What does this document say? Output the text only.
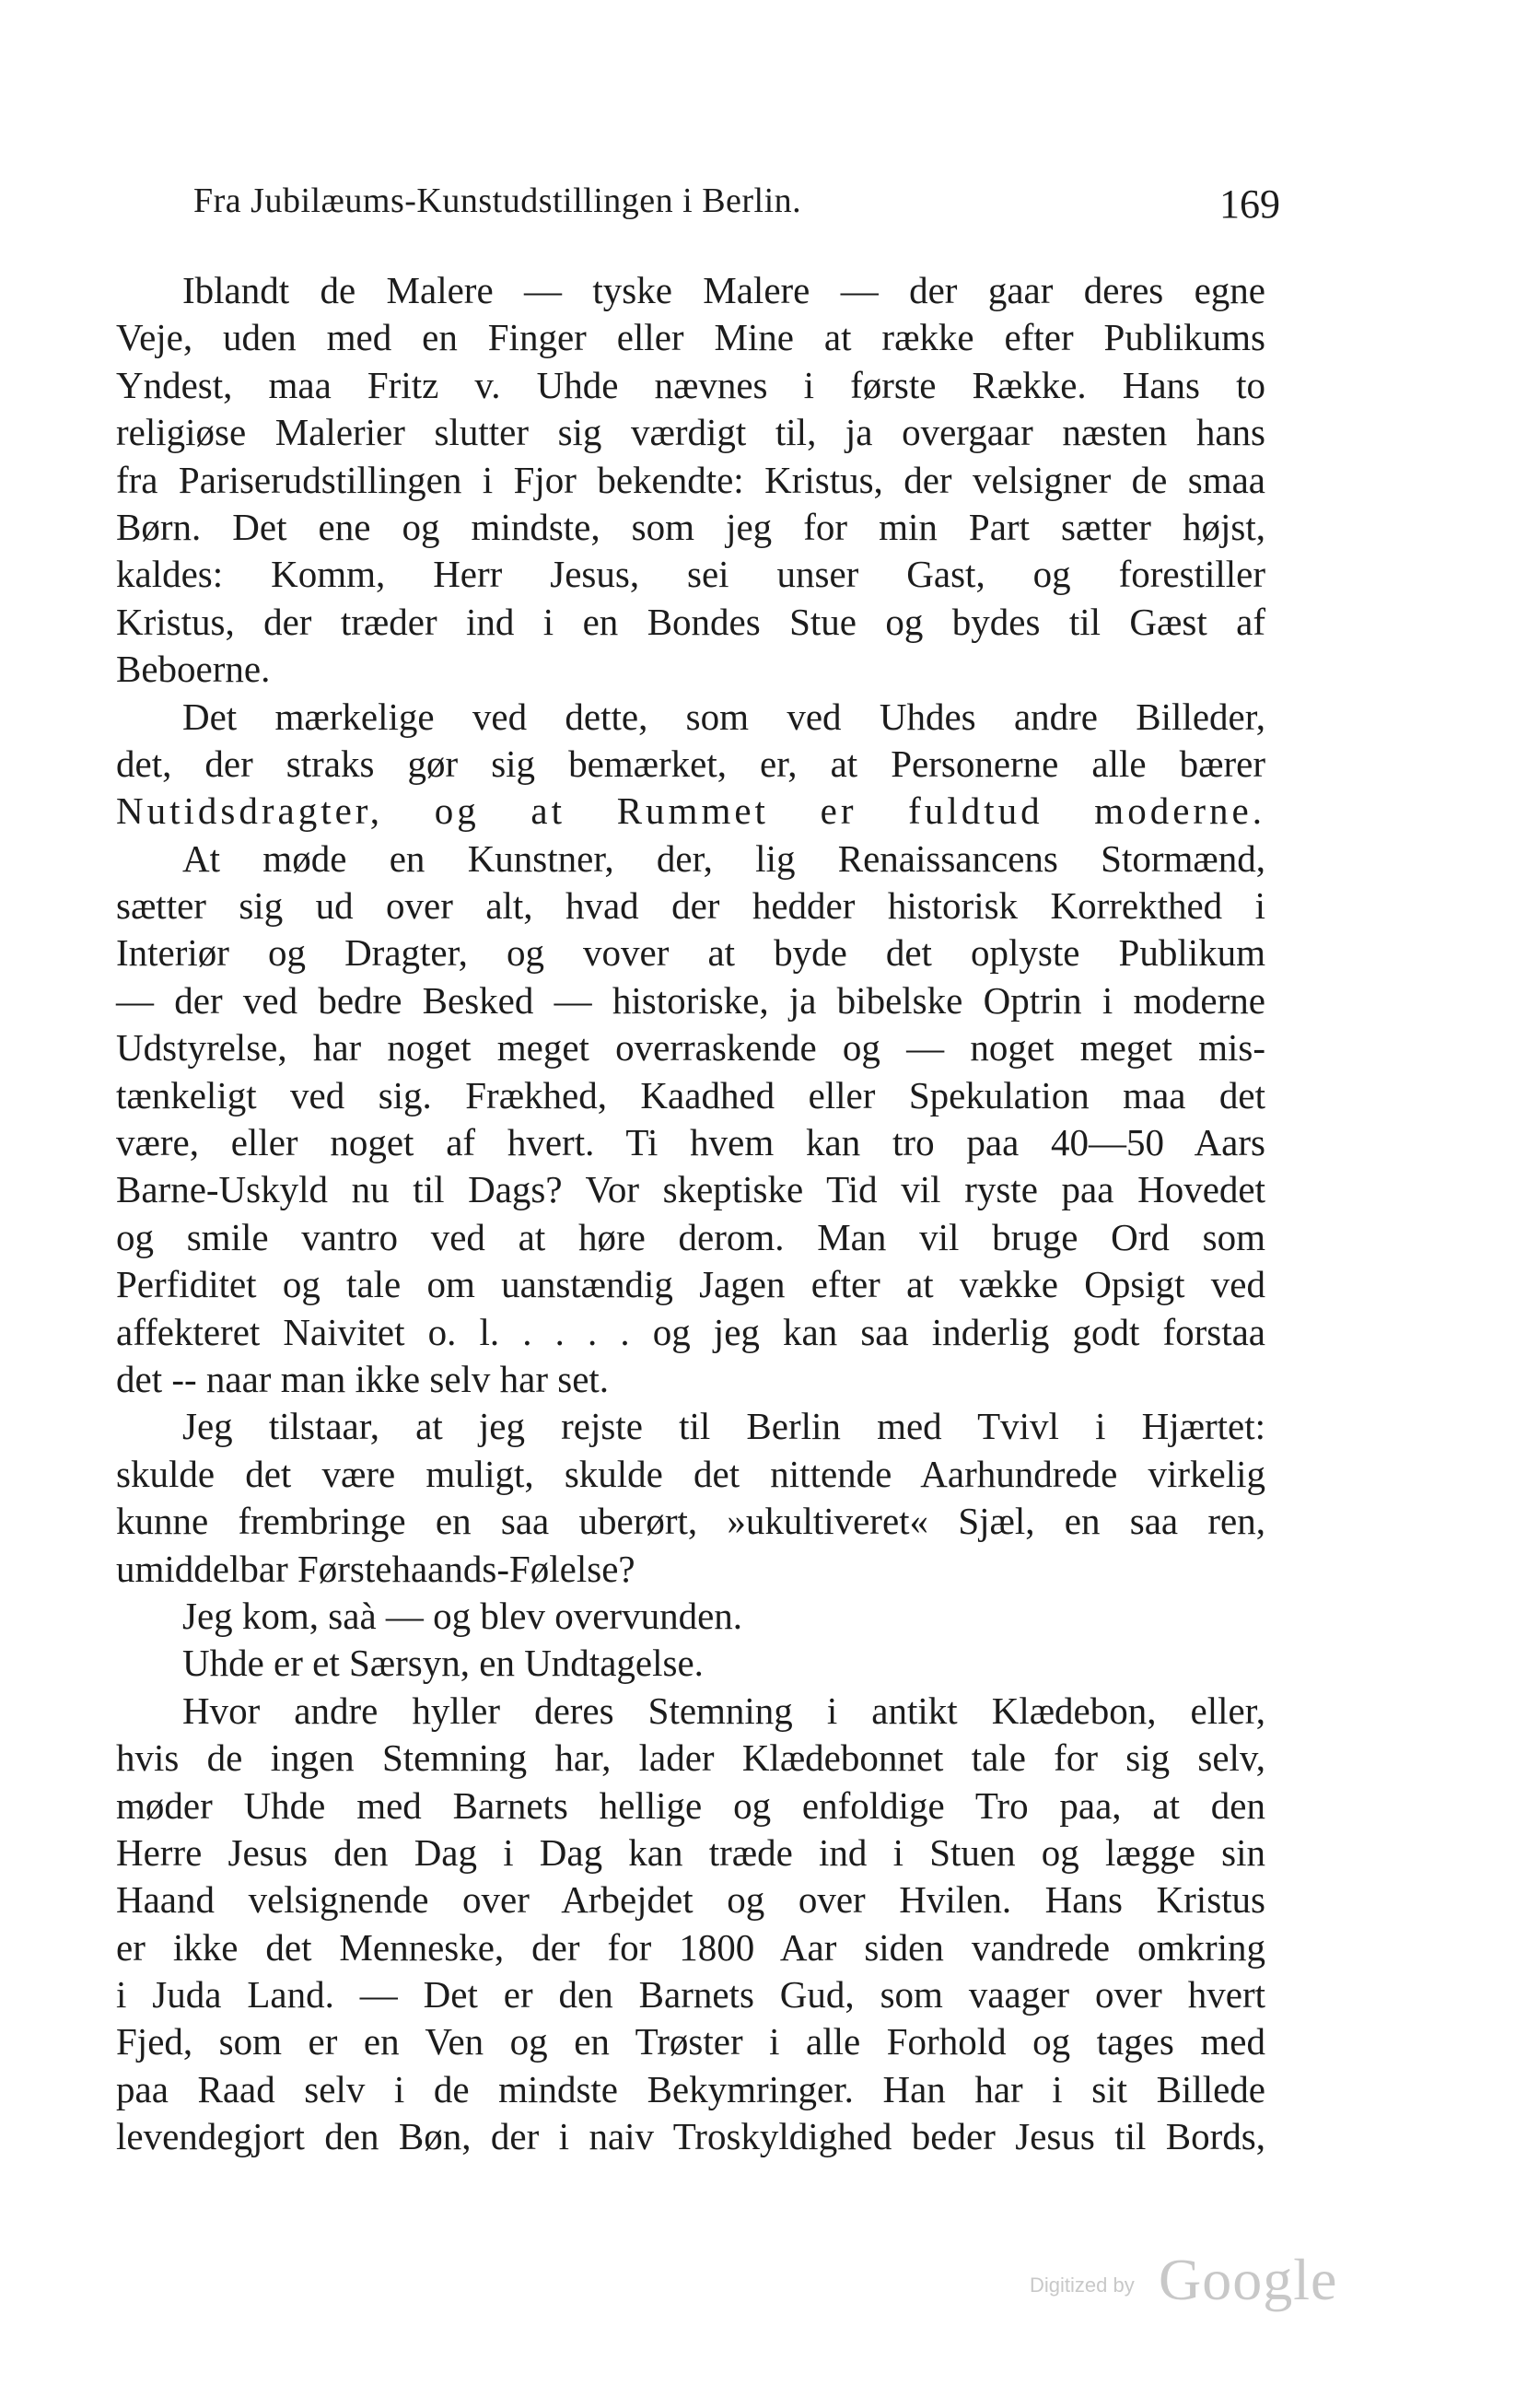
Fra Jubilæums-Kunstudstillingen i Berlin.	169
Iblandt de Malere — tyske Malere — der gaar deres egne
Veje, uden med en Finger eller Mine at række efter Publikums
Yndest, maa Fritz v. Uhde nævnes i første Række. Hans to
religiøse Malerier slutter sig værdigt til, ja overgaar næsten hans
fra Pariserudstillingen i Fjor bekendte: Kristus, der velsigner de smaa
Børn. Det ene og mindste, som jeg for min Part sætter højst,
kaldes: Komm, Herr Jesus, sei unser Gast, og forestiller
Kristus, der træder ind i en Bondes Stue og bydes til Gæst af
Beboerne.
Det mærkelige ved dette, som ved Uhdes andre Billeder,
det, der straks gør sig bemærket, er, at Personerne alle bærer
Nutidsdragter, og at Rummet er fuldtud moderne.
At møde en Kunstner, der, lig Renaissancens Stormænd,
sætter sig ud over alt, hvad der hedder historisk Korrekthed i
Interiør og Dragter, og vover at byde det oplyste Publikum
— der ved bedre Besked — historiske, ja bibelske Optrin i moderne
Udstyrelse, har noget meget overraskende og — noget meget mis-
tænkeligt ved sig. Frækhed, Kaadhed eller Spekulation maa det
være, eller noget af hvert. Ti hvem kan tro paa 40—50 Aars
Barne-Uskyld nu til Dags? Vor skeptiske Tid vil ryste paa Hovedet
og smile vantro ved at høre derom. Man vil bruge Ord som
Perfiditet og tale om uanstændig Jagen efter at vække Opsigt ved
affekteret Naivitet o. l. . . . . og jeg kan saa inderlig godt forstaa
det -- naar man ikke selv har set.
Jeg tilstaar, at jeg rejste til Berlin med Tvivl i Hjærtet:
skulde det være muligt, skulde det nittende Aarhundrede virkelig
kunne frembringe en saa uberørt, »ukultiveret« Sjæl, en saa ren,
umiddelbar Førstehaands-Følelse?
Jeg kom, saà — og blev overvunden.
Uhde er et Særsyn, en Undtagelse.
Hvor andre hyller deres Stemning i antikt Klædebon, eller,
hvis de ingen Stemning har, lader Klædebonnet tale for sig selv,
møder Uhde med Barnets hellige og enfoldige Tro paa, at den
Herre Jesus den Dag i Dag kan træde ind i Stuen og lægge sin
Haand velsignende over Arbejdet og over Hvilen. Hans Kristus
er ikke det Menneske, der for 1800 Aar siden vandrede omkring
i Juda Land. — Det er den Barnets Gud, som vaager over hvert
Fjed, som er en Ven og en Trøster i alle Forhold og tages med
paa Raad selv i de mindste Bekymringer. Han har i sit Billede
levendegjort den Bøn, der i naiv Troskyldighed beder Jesus til Bords,
Digitized by Google
